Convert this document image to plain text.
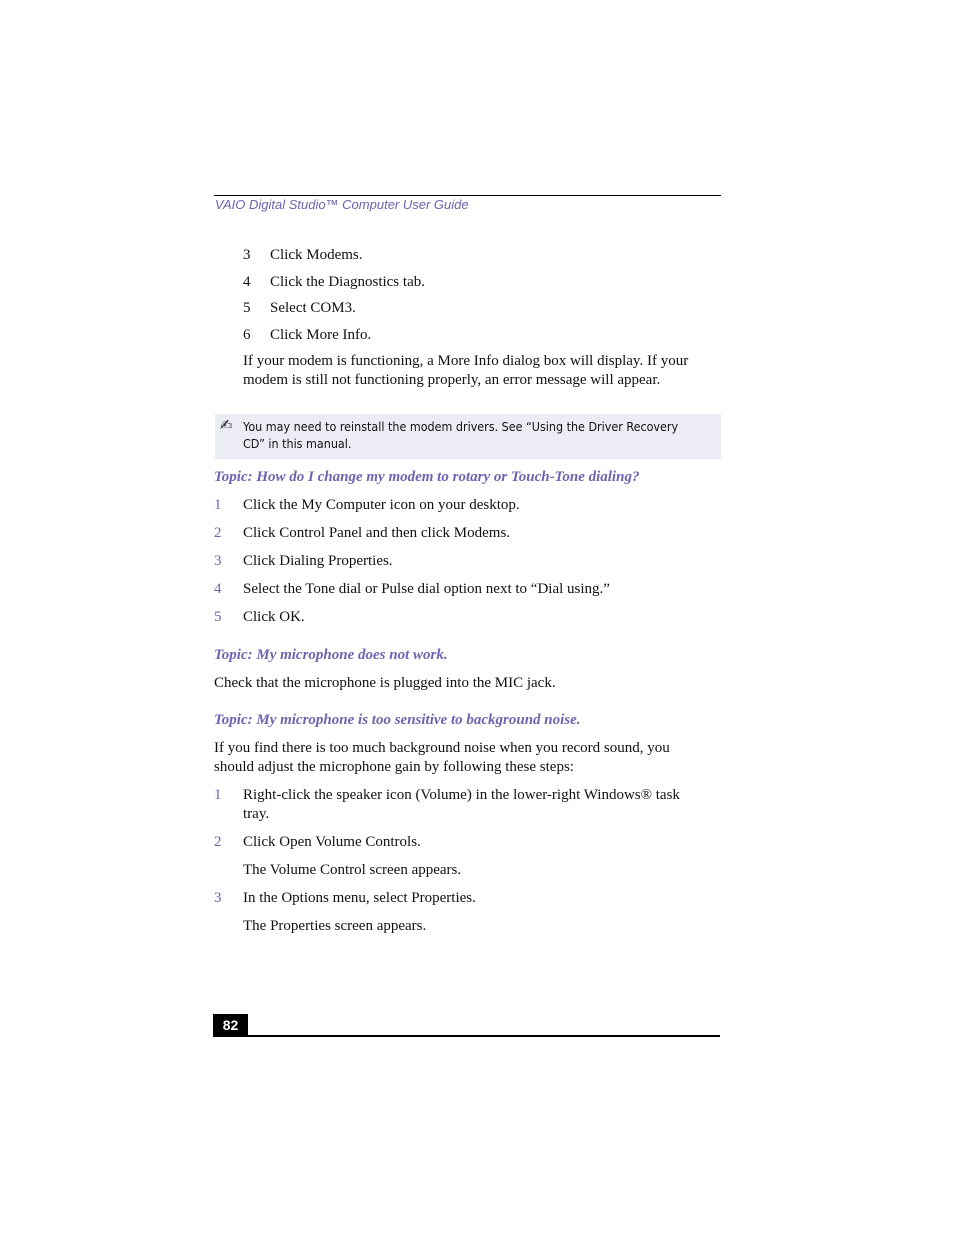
VAIO Digital Studio™ Computer User Guide
3 Click Modems.
4 Click the Diagnostics tab.
5 Select COM3.
6 Click More Info.
If your modem is functioning, a More Info dialog box will display. If your
modem is still not functioning properly, an error message will appear.
✍ You may need to reinstall the modem drivers. See “Using the Driver Recovery CD” in this manual.
Topic: How do I change my modem to rotary or Touch-Tone dialing?
1 Click the My Computer icon on your desktop.
2 Click Control Panel and then click Modems.
3 Click Dialing Properties.
4 Select the Tone dial or Pulse dial option next to “Dial using.”
5 Click OK.
Topic: My microphone does not work.
Check that the microphone is plugged into the MIC jack.
Topic: My microphone is too sensitive to background noise.
If you find there is too much background noise when you record sound, you
should adjust the microphone gain by following these steps:
1 Right-click the speaker icon (Volume) in the lower-right Windows® task
tray.
2 Click Open Volume Controls.
The Volume Control screen appears.
3 In the Options menu, select Properties.
The Properties screen appears.
82
